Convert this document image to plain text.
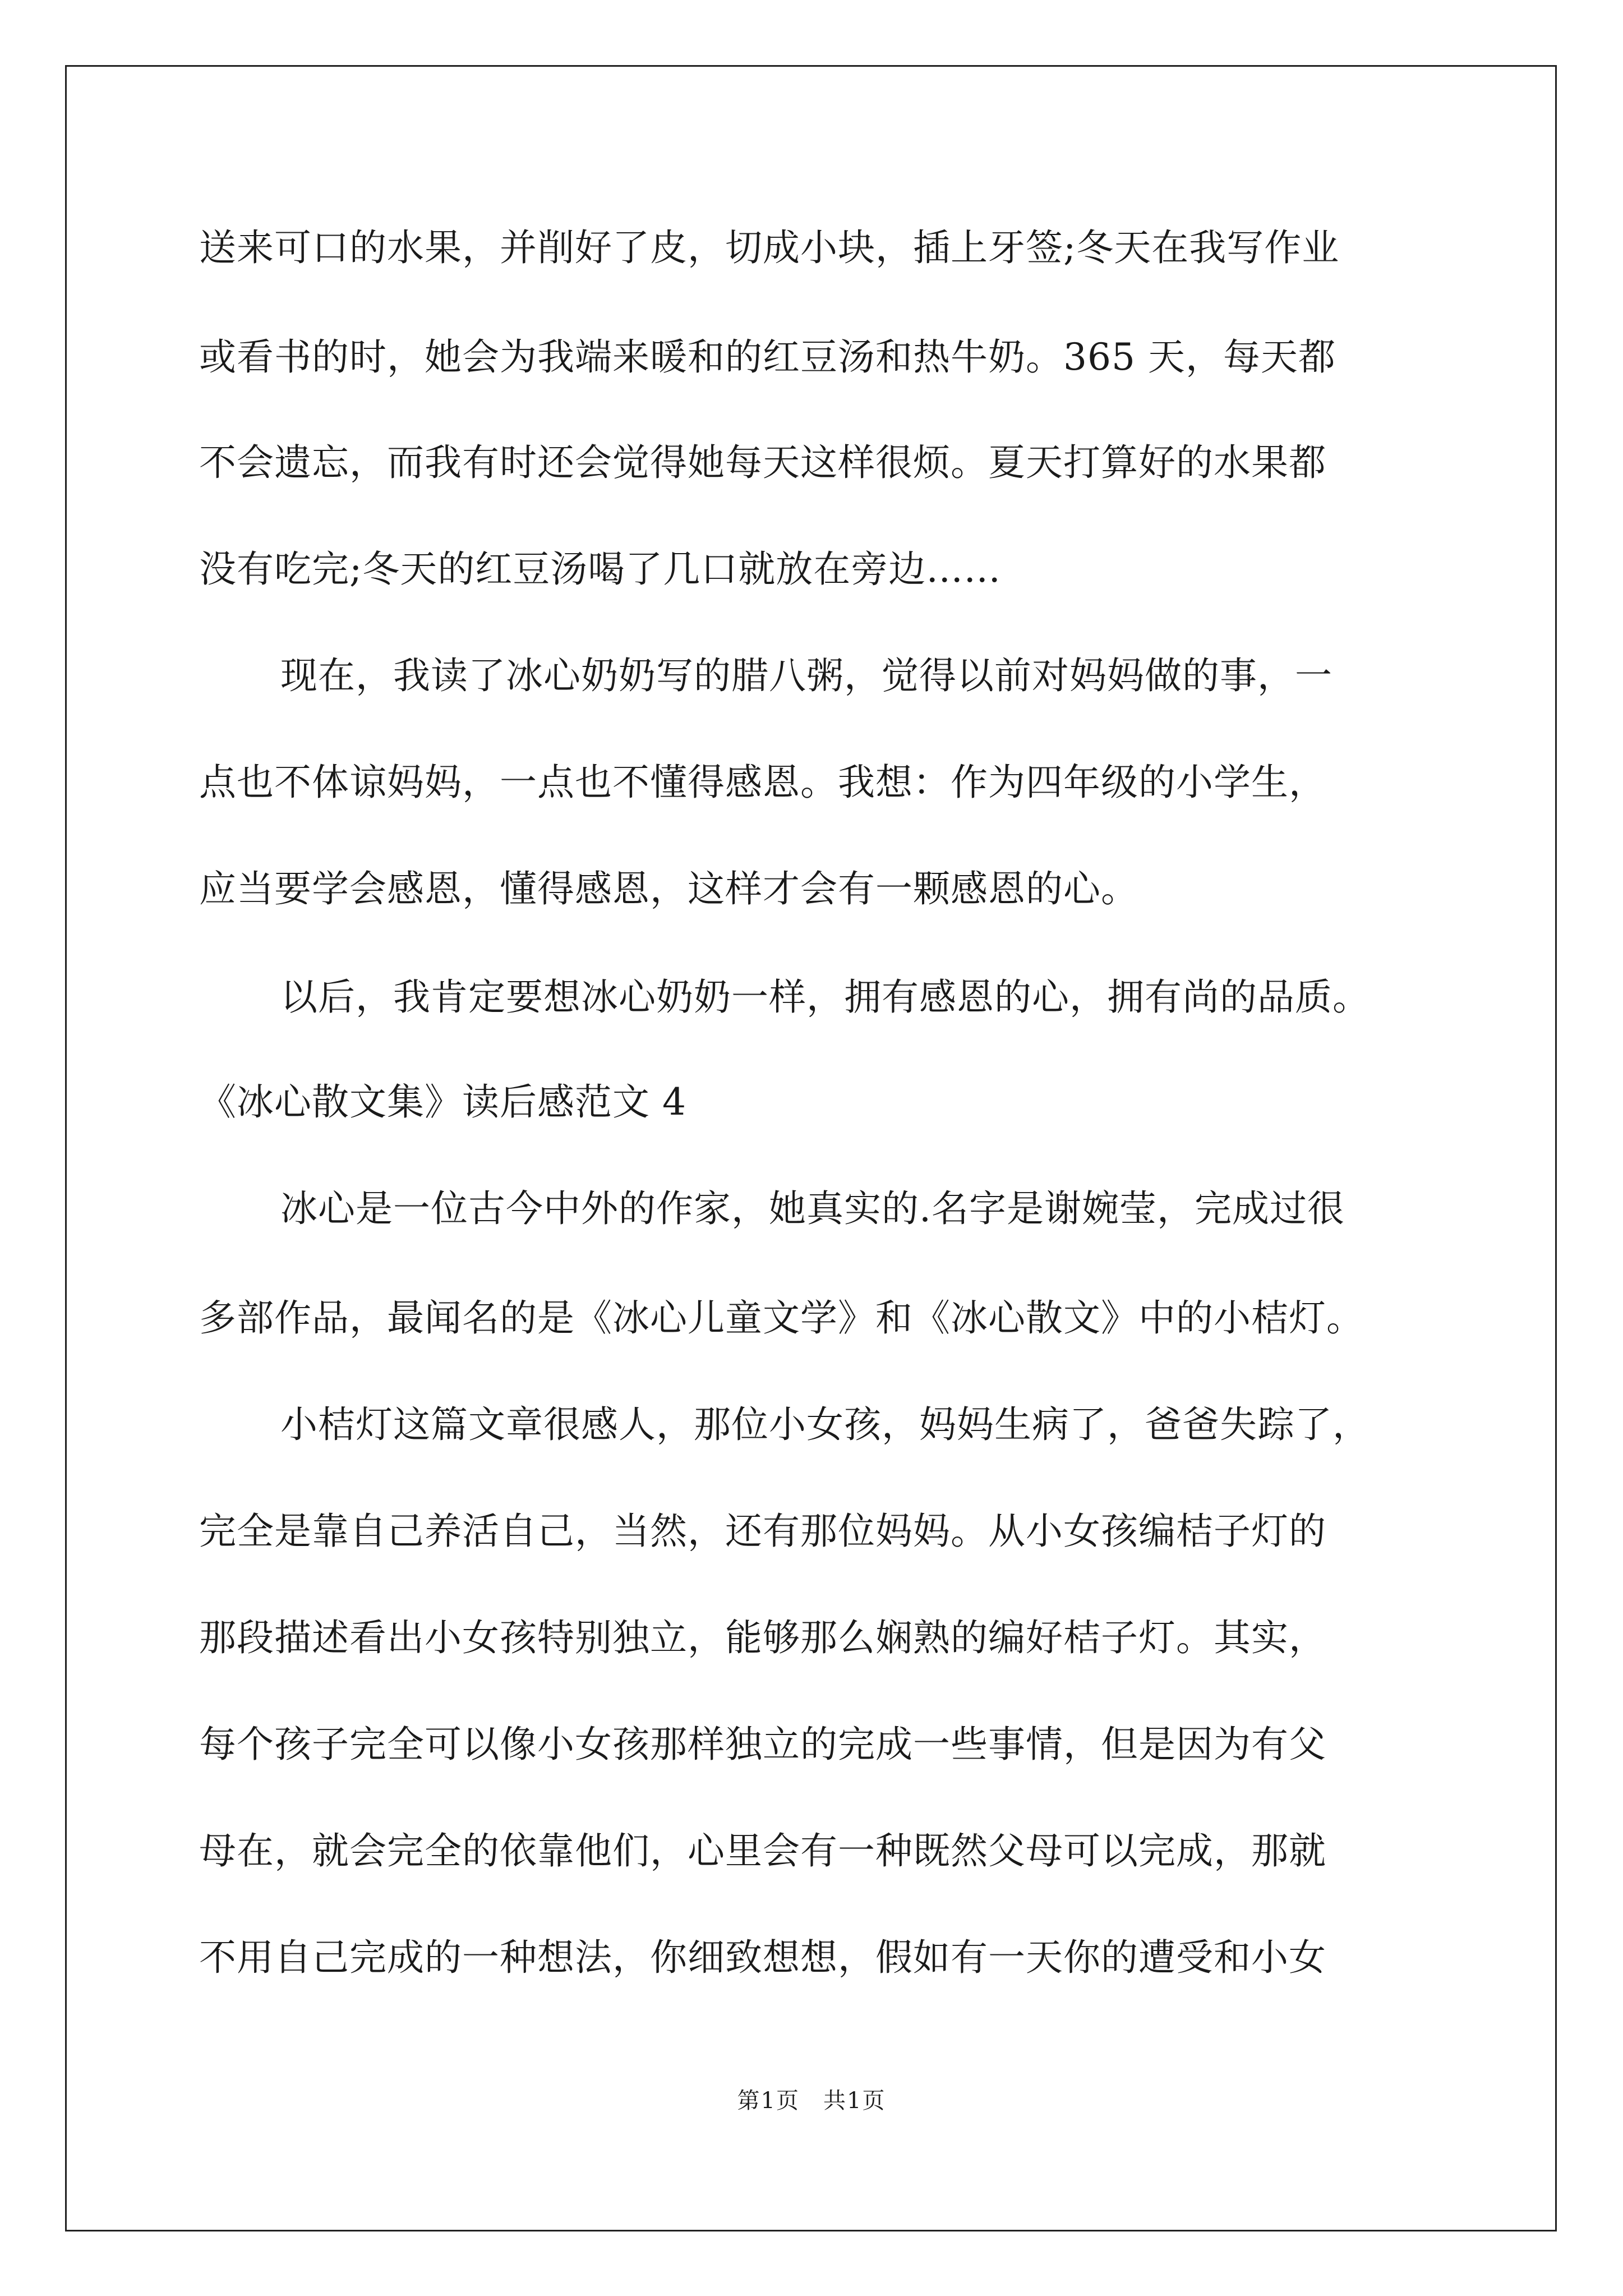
送来可口的水果，并削好了皮，切成小块，插上牙签;冬天在我写作业
或看书的时，她会为我端来暖和的红豆汤和热牛奶。365 天，每天都
不会遗忘，而我有时还会觉得她每天这样很烦。夏天打算好的水果都
没有吃完;冬天的红豆汤喝了几口就放在旁边……
现在，我读了冰心奶奶写的腊八粥，觉得以前对妈妈做的事，一
点也不体谅妈妈，一点也不懂得感恩。我想：作为四年级的小学生，
应当要学会感恩，懂得感恩，这样才会有一颗感恩的心。
以后，我肯定要想冰心奶奶一样，拥有感恩的心，拥有尚的品质。
《冰心散文集》读后感范文 4
冰心是一位古今中外的作家，她真实的.名字是谢婉莹，完成过很
多部作品，最闻名的是《冰心儿童文学》和《冰心散文》中的小桔灯。
小桔灯这篇文章很感人，那位小女孩，妈妈生病了，爸爸失踪了，
完全是靠自己养活自己，当然，还有那位妈妈。从小女孩编桔子灯的
那段描述看出小女孩特别独立，能够那么娴熟的编好桔子灯。其实，
每个孩子完全可以像小女孩那样独立的完成一些事情，但是因为有父
母在，就会完全的依靠他们，心里会有一种既然父母可以完成，那就
不用自己完成的一种想法，你细致想想，假如有一天你的遭受和小女
第1页　共1页
